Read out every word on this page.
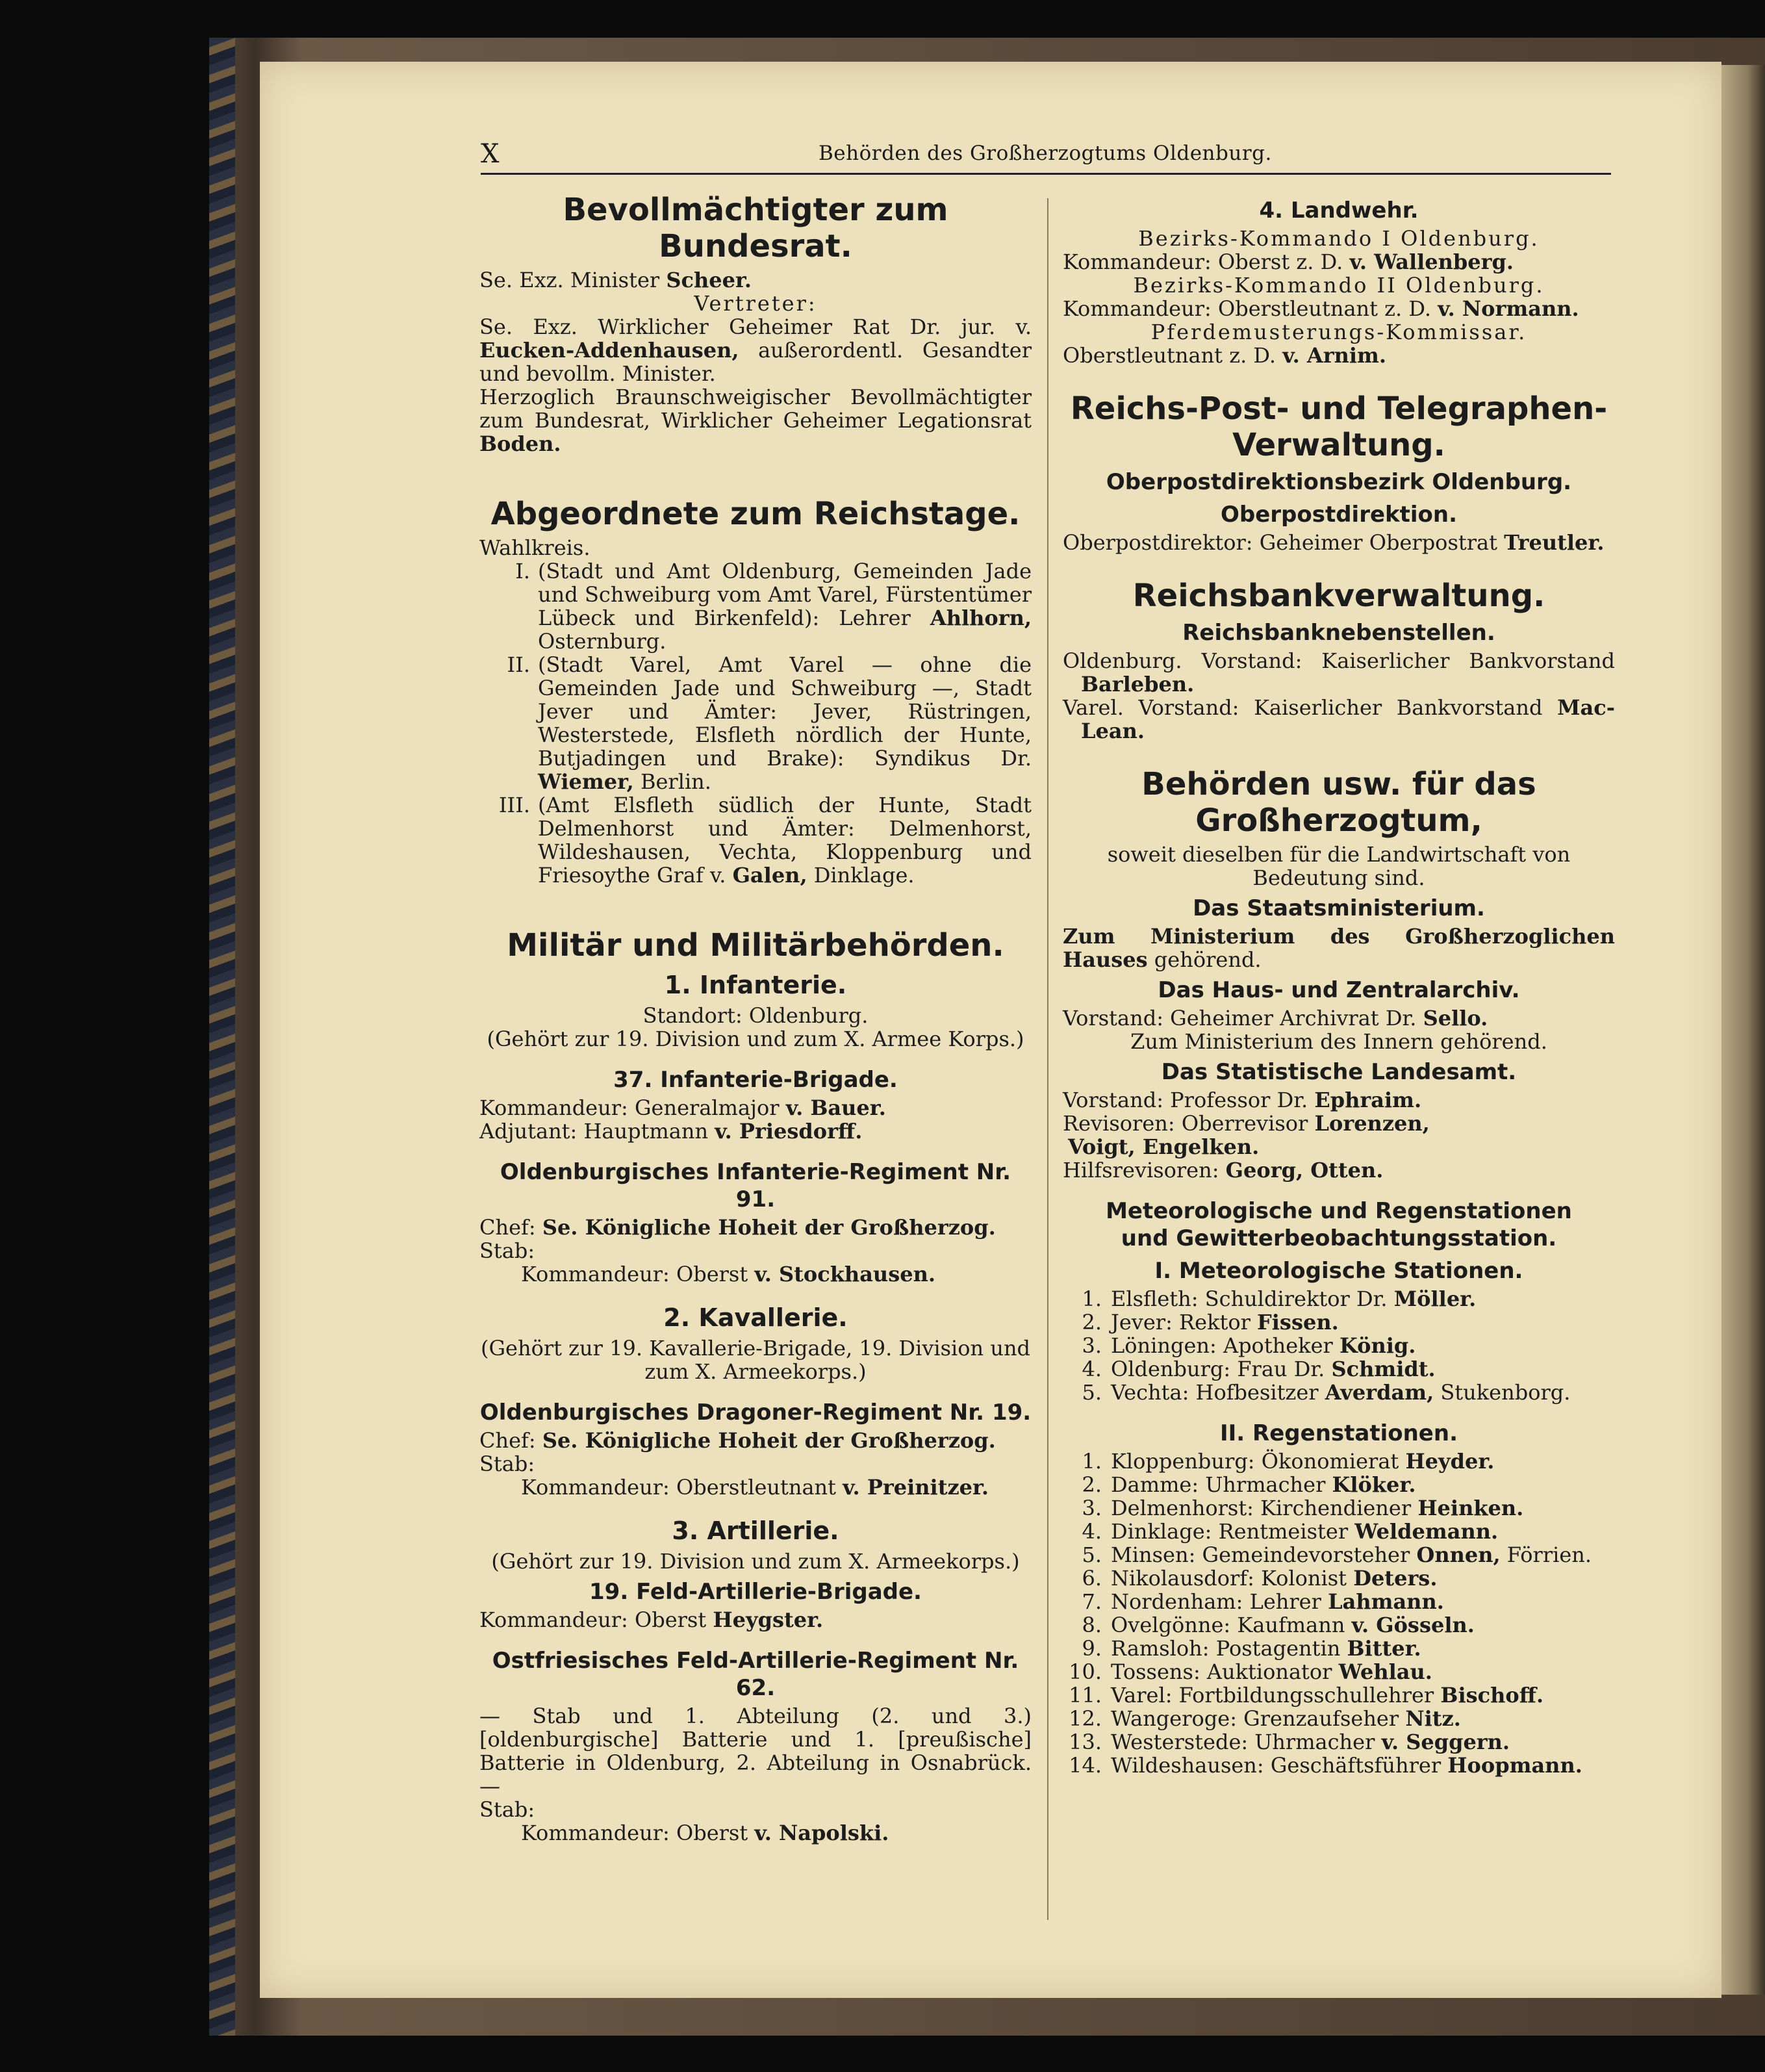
X	Behörden des Großherzogtums Oldenburg.
Bevollmächtigter zum Bundesrat.
Se. Exz. Minister Scheer.
Vertreter:
Se. Exz. Wirklicher Geheimer Rat Dr. jur. v. Eucken-Addenhausen, außerordentl. Gesandter und bevollm. Minister.
Herzoglich Braunschweigischer Bevollmächtigter zum Bundesrat, Wirklicher Geheimer Legationsrat Boden.
Abgeordnete zum Reichstage.
Wahlkreis.
I. (Stadt und Amt Oldenburg, Gemeinden Jade und Schweiburg vom Amt Varel, Fürstentümer Lübeck und Birkenfeld): Lehrer Ahlhorn, Osternburg.
II. (Stadt Varel, Amt Varel — ohne die Gemeinden Jade und Schweiburg —, Stadt Jever und Ämter: Jever, Rüstringen, Westerstede, Elsfleth nördlich der Hunte, Butjadingen und Brake): Syndikus Dr. Wiemer, Berlin.
III. (Amt Elsfleth südlich der Hunte, Stadt Delmenhorst und Ämter: Delmenhorst, Wildeshausen, Vechta, Kloppenburg und Friesoythe Graf v. Galen, Dinklage.
Militär und Militärbehörden.
1. Infanterie.
Standort: Oldenburg.
(Gehört zur 19. Division und zum X. Armee Korps.)
37. Infanterie-Brigade.
Kommandeur: Generalmajor v. Bauer.
Adjutant: Hauptmann v. Priesdorff.
Oldenburgisches Infanterie-Regiment Nr. 91.
Chef: Se. Königliche Hoheit der Großherzog.
Stab:
Kommandeur: Oberst v. Stockhausen.
2. Kavallerie.
(Gehört zur 19. Kavallerie-Brigade, 19. Division und zum X. Armeekorps.)
Oldenburgisches Dragoner-Regiment Nr. 19.
Chef: Se. Königliche Hoheit der Großherzog.
Stab:
Kommandeur: Oberstleutnant v. Preinitzer.
3. Artillerie.
(Gehört zur 19. Division und zum X. Armeekorps.)
19. Feld-Artillerie-Brigade.
Kommandeur: Oberst Heygster.
Ostfriesisches Feld-Artillerie-Regiment Nr. 62.
— Stab und 1. Abteilung (2. und 3.) [oldenburgische] Batterie und 1. [preußische] Batterie in Oldenburg, 2. Abteilung in Osnabrück. —
Stab:
Kommandeur: Oberst v. Napolski.
4. Landwehr.
Bezirks-Kommando I Oldenburg.
Kommandeur: Oberst z. D. v. Wallenberg.
Bezirks-Kommando II Oldenburg.
Kommandeur: Oberstleutnant z. D. v. Normann.
Pferdemusterungs-Kommissar.
Oberstleutnant z. D. v. Arnim.
Reichs-Post- und Telegraphen-
Verwaltung.
Oberpostdirektionsbezirk Oldenburg.
Oberpostdirektion.
Oberpostdirektor: Geheimer Oberpostrat Treutler.
Reichsbankverwaltung.
Reichsbanknebenstellen.
Oldenburg. Vorstand: Kaiserlicher Bankvorstand Barleben.
Varel. Vorstand: Kaiserlicher Bankvorstand Mac-Lean.
Behörden usw. für das
Großherzogtum,
soweit dieselben für die Landwirtschaft von Bedeutung sind.
Das Staatsministerium.
Zum Ministerium des Großherzoglichen Hauses gehörend.
Das Haus- und Zentralarchiv.
Vorstand: Geheimer Archivrat Dr. Sello.
Zum Ministerium des Innern gehörend.
Das Statistische Landesamt.
Vorstand: Professor Dr. Ephraim.
Revisoren: Oberrevisor Lorenzen,
Voigt, Engelken.
Hilfsrevisoren: Georg, Otten.
Meteorologische und Regenstationen
und Gewitterbeobachtungsstation.
I. Meteorologische Stationen.
1. Elsfleth: Schuldirektor Dr. Möller.
2. Jever: Rektor Fissen.
3. Löningen: Apotheker König.
4. Oldenburg: Frau Dr. Schmidt.
5. Vechta: Hofbesitzer Averdam, Stukenborg.
II. Regenstationen.
1. Kloppenburg: Ökonomierat Heyder.
2. Damme: Uhrmacher Klöker.
3. Delmenhorst: Kirchendiener Heinken.
4. Dinklage: Rentmeister Weldemann.
5. Minsen: Gemeindevorsteher Onnen, Förrien.
6. Nikolausdorf: Kolonist Deters.
7. Nordenham: Lehrer Lahmann.
8. Ovelgönne: Kaufmann v. Gösseln.
9. Ramsloh: Postagentin Bitter.
10. Tossens: Auktionator Wehlau.
11. Varel: Fortbildungsschullehrer Bischoff.
12. Wangeroge: Grenzaufseher Nitz.
13. Westerstede: Uhrmacher v. Seggern.
14. Wildeshausen: Geschäftsführer Hoopmann.
